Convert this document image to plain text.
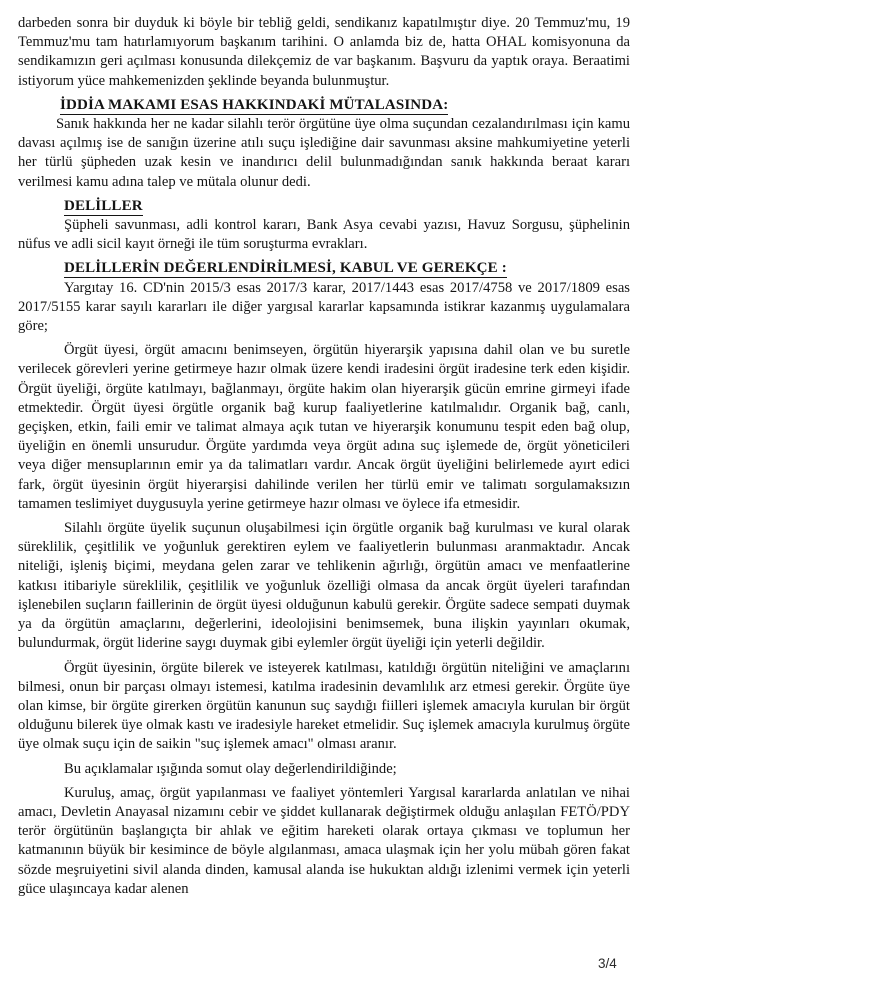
darbeden sonra bir duyduk ki böyle bir tebliğ geldi, sendikanız kapatılmıştır diye. 20 Temmuz'mu, 19 Temmuz'mu tam hatırlamıyorum başkanım tarihini. O anlamda biz de, hatta OHAL komisyonuna da sendikamızın geri açılması konusunda dilekçemiz de var başkanım. Başvuru da yaptık oraya. Beraatimi istiyorum yüce mahkemenizden şeklinde beyanda bulunmuştur.

İDDİA MAKAMI ESAS HAKKINDAKİ MÜTALASINDA:

Sanık hakkında her ne kadar silahlı terör örgütüne üye olma suçundan cezalandırılması için kamu davası açılmış ise de sanığın üzerine atılı suçu işlediğine dair savunması aksine mahkumiyetine yeterli her türlü şüpheden uzak kesin ve inandırıcı delil bulunmadığından sanık hakkında beraat kararı verilmesi kamu adına talep ve mütala olunur dedi.

DELİLLER

Şüpheli savunması, adli kontrol kararı, Bank Asya cevabi yazısı, Havuz Sorgusu, şüphelinin nüfus ve adli sicil kayıt örneği ile tüm soruşturma evrakları.

DELİLLERİN DEĞERLENDİRİLMESİ, KABUL VE GEREKÇE :

Yargıtay 16. CD'nin 2015/3 esas 2017/3 karar, 2017/1443 esas 2017/4758 ve 2017/1809 esas 2017/5155 karar sayılı kararları ile diğer yargısal kararlar kapsamında istikrar kazanmış uygulamalara göre;

Örgüt üyesi, örgüt amacını benimseyen, örgütün hiyerarşik yapısına dahil olan ve bu suretle verilecek görevleri yerine getirmeye hazır olmak üzere kendi iradesini örgüt iradesine terk eden kişidir. Örgüt üyeliği, örgüte katılmayı, bağlanmayı, örgüte hakim olan hiyerarşik gücün emrine girmeyi ifade etmektedir. Örgüt üyesi örgütle organik bağ kurup faaliyetlerine katılmalıdır. Organik bağ, canlı, geçişken, etkin, faili emir ve talimat almaya açık tutan ve hiyerarşik konumunu tespit eden bağ olup, üyeliğin en önemli unsurudur. Örgüte yardımda veya örgüt adına suç işlemede de, örgüt yöneticileri veya diğer mensuplarının emir ya da talimatları vardır. Ancak örgüt üyeliğini belirlemede ayırt edici fark, örgüt üyesinin örgüt hiyerarşisi dahilinde verilen her türlü emir ve talimatı sorgulamaksızın tamamen teslimiyet duygusuyla yerine getirmeye hazır olması ve öylece ifa etmesidir.

Silahlı örgüte üyelik suçunun oluşabilmesi için örgütle organik bağ kurulması ve kural olarak süreklilik, çeşitlilik ve yoğunluk gerektiren eylem ve faaliyetlerin bulunması aranmaktadır. Ancak niteliği, işleniş biçimi, meydana gelen zarar ve tehlikenin ağırlığı, örgütün amacı ve menfaatlerine katkısı itibariyle süreklilik, çeşitlilik ve yoğunluk özelliği olmasa da ancak örgüt üyeleri tarafından işlenebilen suçların faillerinin de örgüt üyesi olduğunun kabulü gerekir. Örgüte sadece sempati duymak ya da örgütün amaçlarını, değerlerini, ideolojisini benimsemek, buna ilişkin yayınları okumak, bulundurmak, örgüt liderine saygı duymak gibi eylemler örgüt üyeliği için yeterli değildir.

Örgüt üyesinin, örgüte bilerek ve isteyerek katılması, katıldığı örgütün niteliğini ve amaçlarını bilmesi, onun bir parçası olmayı istemesi, katılma iradesinin devamlılık arz etmesi gerekir. Örgüte üye olan kimse, bir örgüte girerken örgütün kanunun suç saydığı fiilleri işlemek amacıyla kurulan bir örgüt olduğunu bilerek üye olmak kastı ve iradesiyle hareket etmelidir. Suç işlemek amacıyla kurulmuş örgüte üye olmak suçu için de saikin "suç işlemek amacı" olması aranır.

Bu açıklamalar ışığında somut olay değerlendirildiğinde;

Kuruluş, amaç, örgüt yapılanması ve faaliyet yöntemleri Yargısal kararlarda anlatılan ve nihai amacı, Devletin Anayasal nizamını cebir ve şiddet kullanarak değiştirmek olduğu anlaşılan FETÖ/PDY terör örgütünün başlangıçta bir ahlak ve eğitim hareketi olarak ortaya çıkması ve toplumun her katmanının büyük bir kesimince de böyle algılanması, amaca ulaşmak için her yolu mübah gören fakat sözde meşruiyetini sivil alanda dinden, kamusal alanda ise hukuktan aldığı izlenimi vermek için yeterli güce ulaşıncaya kadar alenen

3/4
